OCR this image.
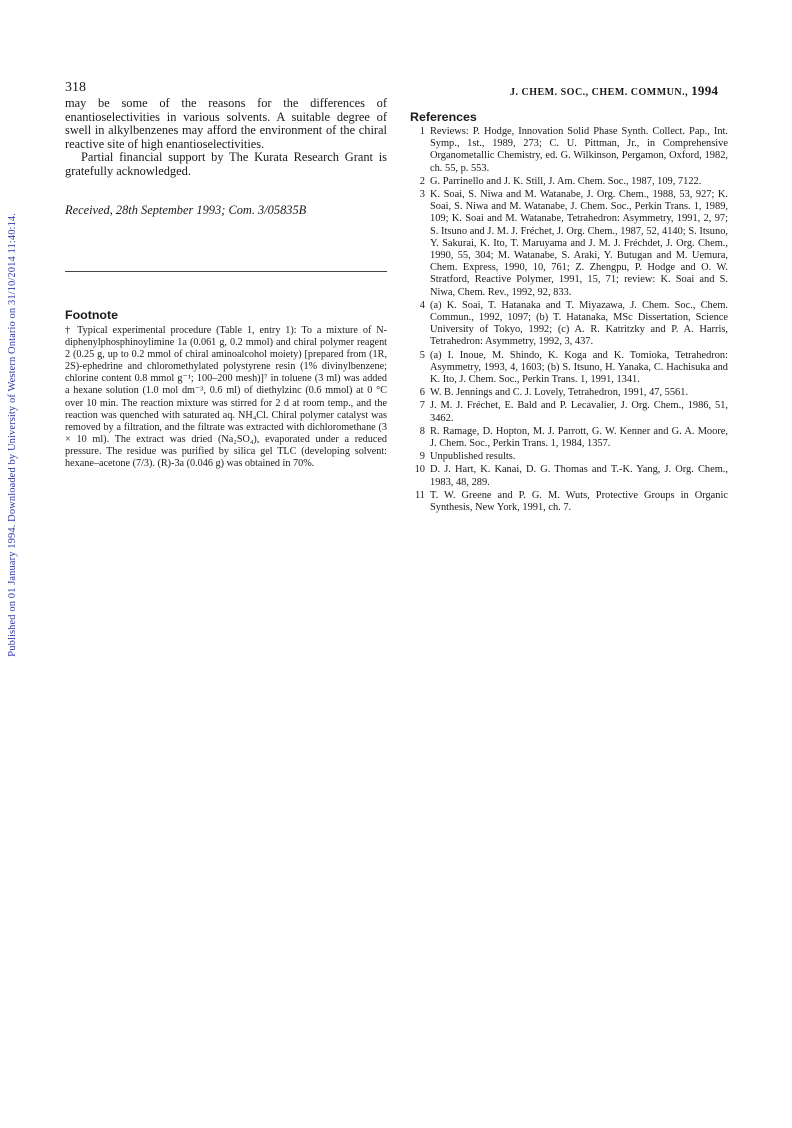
Published on 01 January 1994. Downloaded by University of Western Ontario on 31/10/2014 11:40:14.
318	J. CHEM. SOC., CHEM. COMMUN., 1994

may be some of the reasons for the differences of enantioselectivities in various solvents. A suitable degree of swell in alkylbenzenes may afford the environment of the chiral reactive site of high enantioselectivities.

Partial financial support by The Kurata Research Grant is gratefully acknowledged.

Received, 28th September 1993; Com. 3/05835B

Footnote

† Typical experimental procedure (Table 1, entry 1): To a mixture of N-diphenylphosphinoylimine 1a (0.061 g, 0.2 mmol) and chiral polymer reagent 2 (0.25 g, up to 0.2 mmol of chiral aminoalcohol moiety) [prepared from (1R, 2S)-ephedrine and chloromethylated polystyrene resin (1% divinylbenzene; chlorine content 0.8 mmol g⁻¹; 100–200 mesh)]⁷ in toluene (3 ml) was added a hexane solution (1.0 mol dm⁻³, 0.6 ml) of diethylzinc (0.6 mmol) at 0 °C over 10 min. The reaction mixture was stirred for 2 d at room temp., and the reaction was quenched with saturated aq. NH₄Cl. Chiral polymer catalyst was removed by a filtration, and the filtrate was extracted with dichloromethane (3 × 10 ml). The extract was dried (Na₂SO₄), evaporated under a reduced pressure. The residue was purified by silica gel TLC (developing solvent: hexane–acetone (7/3). (R)-3a (0.046 g) was obtained in 70%.

References
1 Reviews: P. Hodge, Innovation Solid Phase Synth. Collect. Pap., Int. Symp., 1st., 1989, 273; C. U. Pittman, Jr., in Comprehensive Organometallic Chemistry, ed. G. Wilkinson, Pergamon, Oxford, 1982, ch. 55, p. 553.
2 G. Parrinello and J. K. Still, J. Am. Chem. Soc., 1987, 109, 7122.
3 K. Soai, S. Niwa and M. Watanabe, J. Org. Chem., 1988, 53, 927; K. Soai, S. Niwa and M. Watanabe, J. Chem. Soc., Perkin Trans. 1, 1989, 109; K. Soai and M. Watanabe, Tetrahedron: Asymmetry, 1991, 2, 97; S. Itsuno and J. M. J. Fréchet, J. Org. Chem., 1987, 52, 4140; S. Itsuno, Y. Sakurai, K. Ito, T. Maruyama and J. M. J. Fréchdet, J. Org. Chem., 1990, 55, 304; M. Watanabe, S. Araki, Y. Butugan and M. Uemura, Chem. Express, 1990, 10, 761; Z. Zhengpu, P. Hodge and O. W. Stratford, Reactive Polymer, 1991, 15, 71; review: K. Soai and S. Niwa, Chem. Rev., 1992, 92, 833.
4 (a) K. Soai, T. Hatanaka and T. Miyazawa, J. Chem. Soc., Chem. Commun., 1992, 1097; (b) T. Hatanaka, MSc Dissertation, Science University of Tokyo, 1992; (c) A. R. Katritzky and P. A. Harris, Tetrahedron: Asymmetry, 1992, 3, 437.
5 (a) I. Inoue, M. Shindo, K. Koga and K. Tomioka, Tetrahedron: Asymmetry, 1993, 4, 1603; (b) S. Itsuno, H. Yanaka, C. Hachisuka and K. Ito, J. Chem. Soc., Perkin Trans. 1, 1991, 1341.
6 W. B. Jennings and C. J. Lovely, Tetrahedron, 1991, 47, 5561.
7 J. M. J. Fréchet, E. Bald and P. Lecavalier, J. Org. Chem., 1986, 51, 3462.
8 R. Ramage, D. Hopton, M. J. Parrott, G. W. Kenner and G. A. Moore, J. Chem. Soc., Perkin Trans. 1, 1984, 1357.
9 Unpublished results.
10 D. J. Hart, K. Kanai, D. G. Thomas and T.-K. Yang, J. Org. Chem., 1983, 48, 289.
11 T. W. Greene and P. G. M. Wuts, Protective Groups in Organic Synthesis, New York, 1991, ch. 7.
